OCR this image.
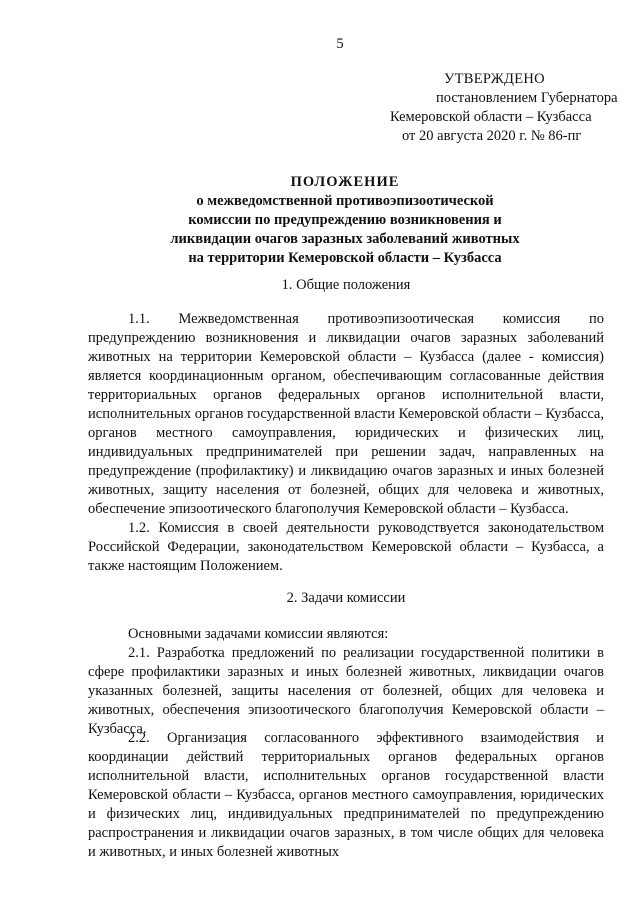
5
УТВЕРЖДЕНО
постановлением Губернатора
Кемеровской области – Кузбасса
от 20 августа 2020 г. № 86-пг
ПОЛОЖЕНИЕ
о межведомственной противоэпизоотической
комиссии по предупреждению возникновения и
ликвидации очагов заразных заболеваний животных
на территории Кемеровской области – Кузбасса
1. Общие положения
1.1. Межведомственная противоэпизоотическая комиссия по предупреждению возникновения и ликвидации очагов заразных заболеваний животных на территории Кемеровской области – Кузбасса (далее - комиссия) является координационным органом, обеспечивающим согласованные действия территориальных органов федеральных органов исполнительной власти, исполнительных органов государственной власти Кемеровской области – Кузбасса, органов местного самоуправления, юридических и физических лиц, индивидуальных предпринимателей при решении задач, направленных на предупреждение (профилактику) и ликвидацию очагов заразных и иных болезней животных, защиту населения от болезней, общих для человека и животных, обеспечение эпизоотического благополучия Кемеровской области – Кузбасса.
1.2. Комиссия в своей деятельности руководствуется законодательством Российской Федерации, законодательством Кемеровской области – Кузбасса, а также настоящим Положением.
2. Задачи комиссии
Основными задачами комиссии являются:
2.1. Разработка предложений по реализации государственной политики в сфере профилактики заразных и иных болезней животных, ликвидации очагов указанных болезней, защиты населения от болезней, общих для человека и животных, обеспечения эпизоотического благополучия Кемеровской области – Кузбасса.
2.2. Организация согласованного эффективного взаимодействия и координации действий территориальных органов федеральных органов исполнительной власти, исполнительных органов государственной власти Кемеровской области – Кузбасса, органов местного самоуправления, юридических и физических лиц, индивидуальных предпринимателей по предупреждению распространения и ликвидации очагов заразных, в том числе общих для человека и животных, и иных болезней животных
